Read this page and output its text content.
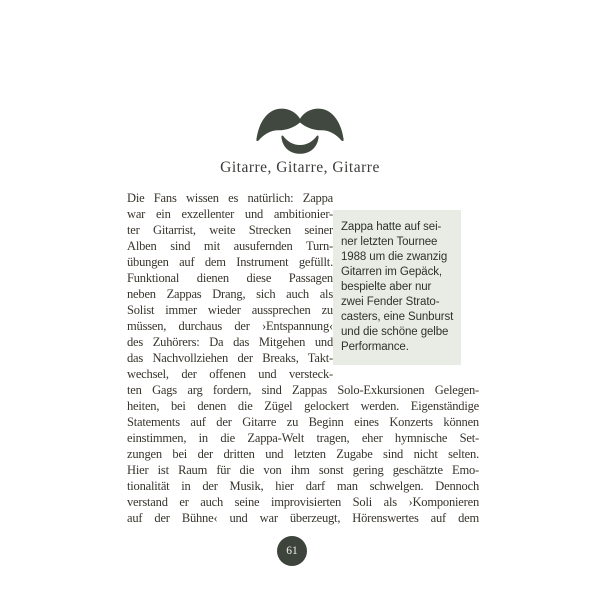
Gitarre, Gitarre, Gitarre
Die Fans wissen es natürlich: Zappa
war ein exzellenter und ambitionier-
ter Gitarrist, weite Strecken seiner
Alben sind mit ausufernden Turn-
übungen auf dem Instrument gefüllt.
Funktional dienen diese Passagen
neben Zappas Drang, sich auch als
Solist immer wieder aussprechen zu
müssen, durchaus der ›Entspannung‹
des Zuhörers: Da das Mitgehen und
das Nachvollziehen der Breaks, Takt-
wechsel, der offenen und versteck-
ten Gags arg fordern, sind Zappas Solo-Exkursionen Gelegen-
heiten, bei denen die Zügel gelockert werden. Eigenständige
Statements auf der Gitarre zu Beginn eines Konzerts können
einstimmen, in die Zappa-Welt tragen, eher hymnische Set-
zungen bei der dritten und letzten Zugabe sind nicht selten.
Hier ist Raum für die von ihm sonst gering geschätzte Emo-
tionalität in der Musik, hier darf man schwelgen. Dennoch
verstand er auch seine improvisierten Soli als ›Komponieren
auf der Bühne‹ und war überzeugt, Hörenswertes auf dem
Zappa hatte auf sei-
ner letzten Tournee
1988 um die zwanzig
Gitarren im Gepäck,
bespielte aber nur
zwei Fender Strato-
casters, eine Sunburst
und die schöne gelbe
Performance.
61
